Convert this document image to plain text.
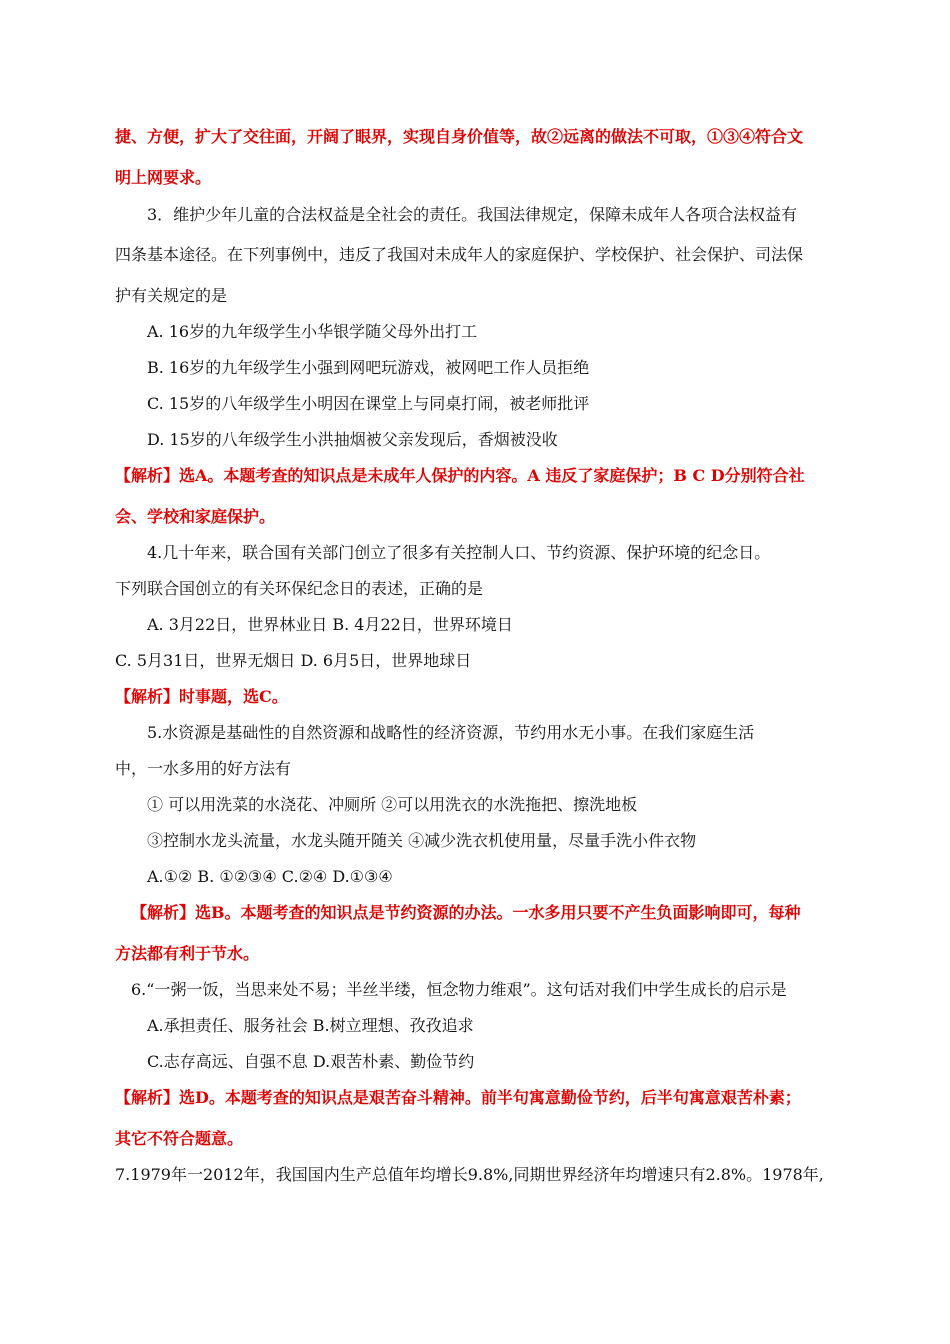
捷、方便，扩大了交往面，开阔了眼界，实现自身价值等，故②远离的做法不可取，①③④符合文
明上网要求。
3．维护少年儿童的合法权益是全社会的责任。我国法律规定，保障未成年人各项合法权益有
四条基本途径。在下列事例中，违反了我国对未成年人的家庭保护、学校保护、社会保护、司法保
护有关规定的是
A. 16岁的九年级学生小华银学随父母外出打工
B. 16岁的九年级学生小强到网吧玩游戏，被网吧工作人员拒绝
C. 15岁的八年级学生小明因在课堂上与同桌打闹，被老师批评
D. 15岁的八年级学生小洪抽烟被父亲发现后，香烟被没收
【解析】选A。本题考查的知识点是未成年人保护的内容。A 违反了家庭保护；B C D分别符合社
会、学校和家庭保护。
4.几十年来，联合国有关部门创立了很多有关控制人口、节约资源、保护环境的纪念日。
下列联合国创立的有关环保纪念日的表述，正确的是
A. 3月22日，世界林业日 B. 4月22日，世界环境日
C. 5月31日，世界无烟日 D. 6月5日，世界地球日
【解析】时事题，选C。
5.水资源是基础性的自然资源和战略性的经济资源，节约用水无小事。在我们家庭生活
中，一水多用的好方法有
① 可以用洗菜的水浇花、冲厕所 ②可以用洗衣的水洗拖把、擦洗地板
③控制水龙头流量，水龙头随开随关 ④减少洗衣机使用量，尽量手洗小件衣物
A.①② B. ①②③④ C.②④ D.①③④
【解析】选B。本题考查的知识点是节约资源的办法。一水多用只要不产生负面影响即可，每种
方法都有利于节水。
6.“一粥一饭，当思来处不易；半丝半缕，恒念物力维艰”。这句话对我们中学生成长的启示是
A.承担责任、服务社会 B.树立理想、孜孜追求
C.志存高远、自强不息 D.艰苦朴素、勤俭节约
【解析】选D。本题考查的知识点是艰苦奋斗精神。前半句寓意勤俭节约，后半句寓意艰苦朴素；
其它不符合题意。
7.1979年一2012年，我国国内生产总值年均增长9.8%,同期世界经济年均增速只有2.8%。1978年,
